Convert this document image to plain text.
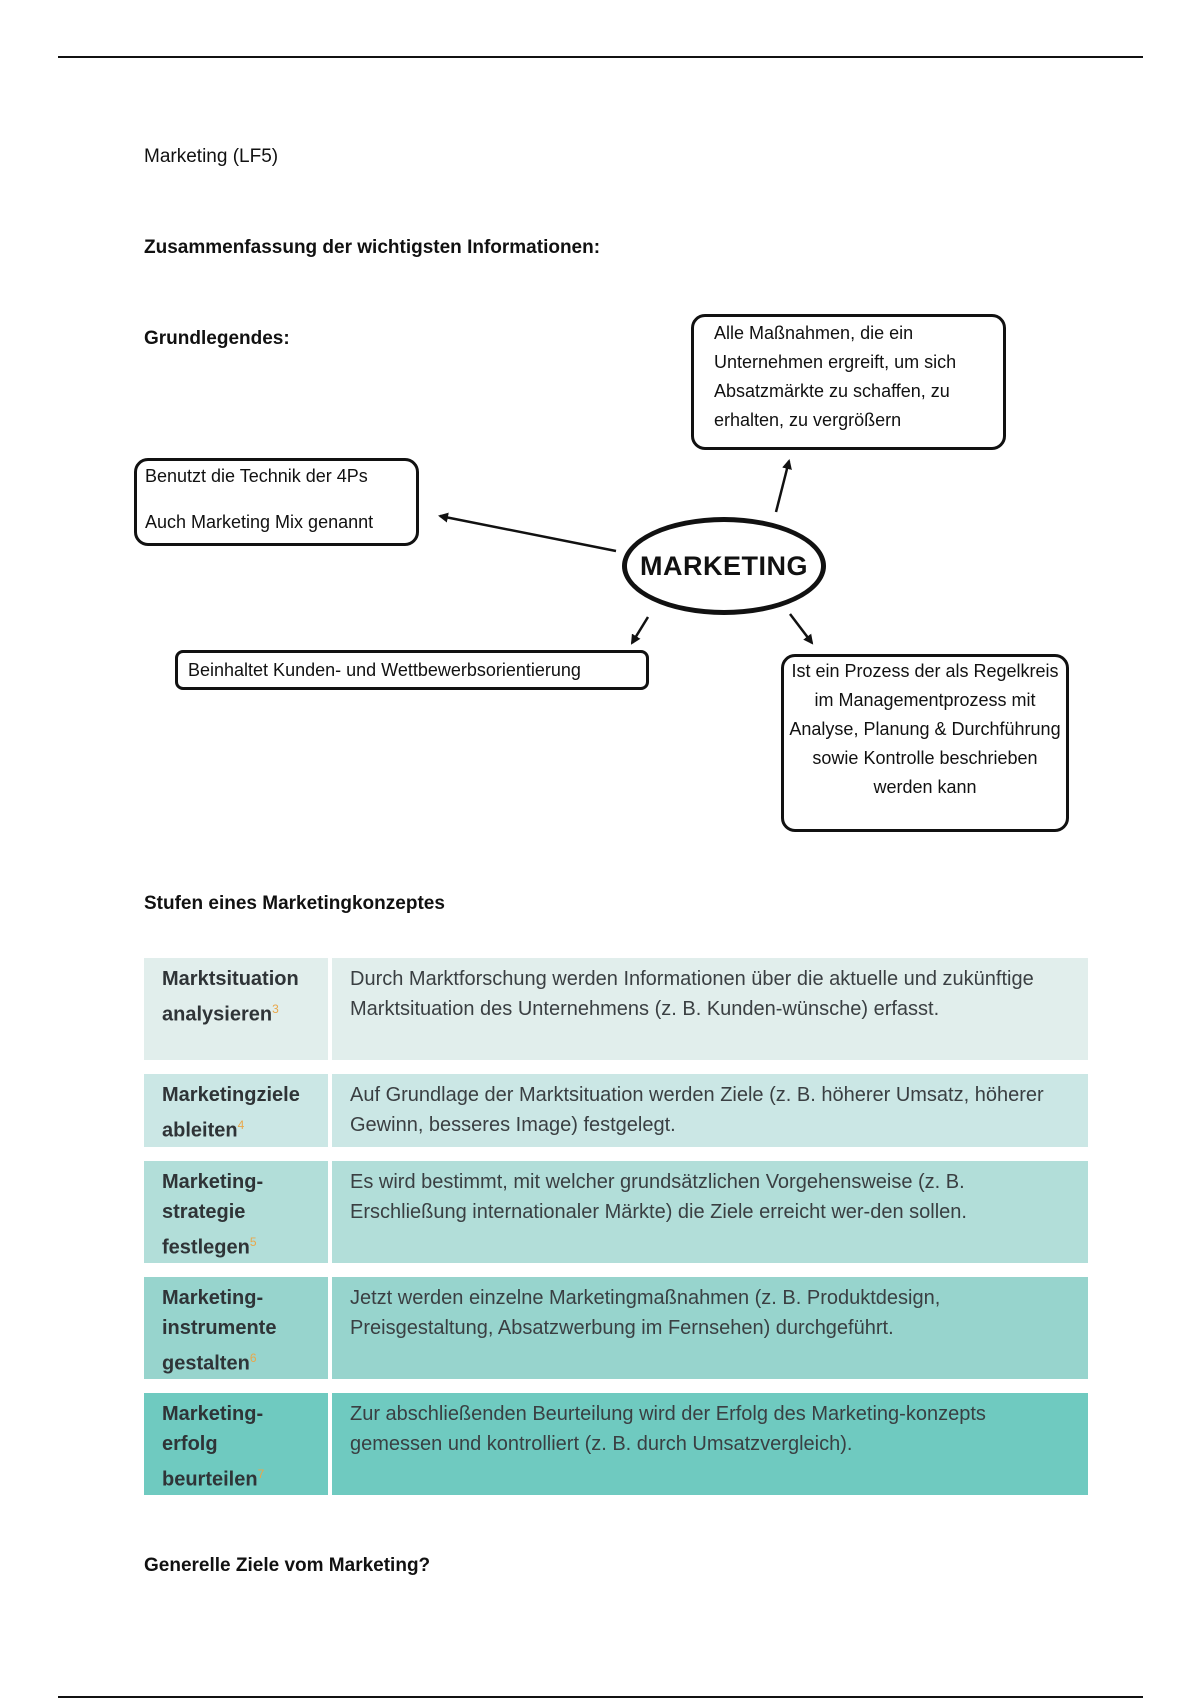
Marketing (LF5)
Zusammenfassung der wichtigsten Informationen:
Grundlegendes:	Alle Maßnahmen, die ein Unternehmen ergreift, um sich Absatzmärkte zu schaffen, zu erhalten, zu vergrößern

Benutzt die Technik der 4Ps

Auch Marketing Mix genannt

MARKETING

Beinhaltet Kunden- und Wettbewerbsorientierung	Ist ein Prozess der als Regelkreis im Managementprozess mit Analyse, Planung & Durchführung sowie Kontrolle beschrieben werden kann

Stufen eines Marketingkonzeptes
Marktsituation analysieren$^3$
Durch Marktforschung werden Informationen über die aktuelle und zukünftige Marktsituation des Unternehmens (z. B. Kunden-wünsche) erfasst.
Marketingziele ableiten$^4$
Auf Grundlage der Marktsituation werden Ziele (z. B. höherer Umsatz, höherer Gewinn, besseres Image) festgelegt.
Marketing-strategie festlegen$^5$
Es wird bestimmt, mit welcher grundsätzlichen Vorgehensweise (z. B. Erschließung internationaler Märkte) die Ziele erreicht wer-den sollen.
Marketing-instrumente gestalten$^6$
Jetzt werden einzelne Marketingmaßnahmen (z. B. Produktdesign, Preisgestaltung, Absatzwerbung im Fernsehen) durchgeführt.
Marketing-erfolg beurteilen$^7$
Zur abschließenden Beurteilung wird der Erfolg des Marketing-konzepts gemessen und kontrolliert (z. B. durch Umsatzvergleich).
Generelle Ziele vom Marketing?
